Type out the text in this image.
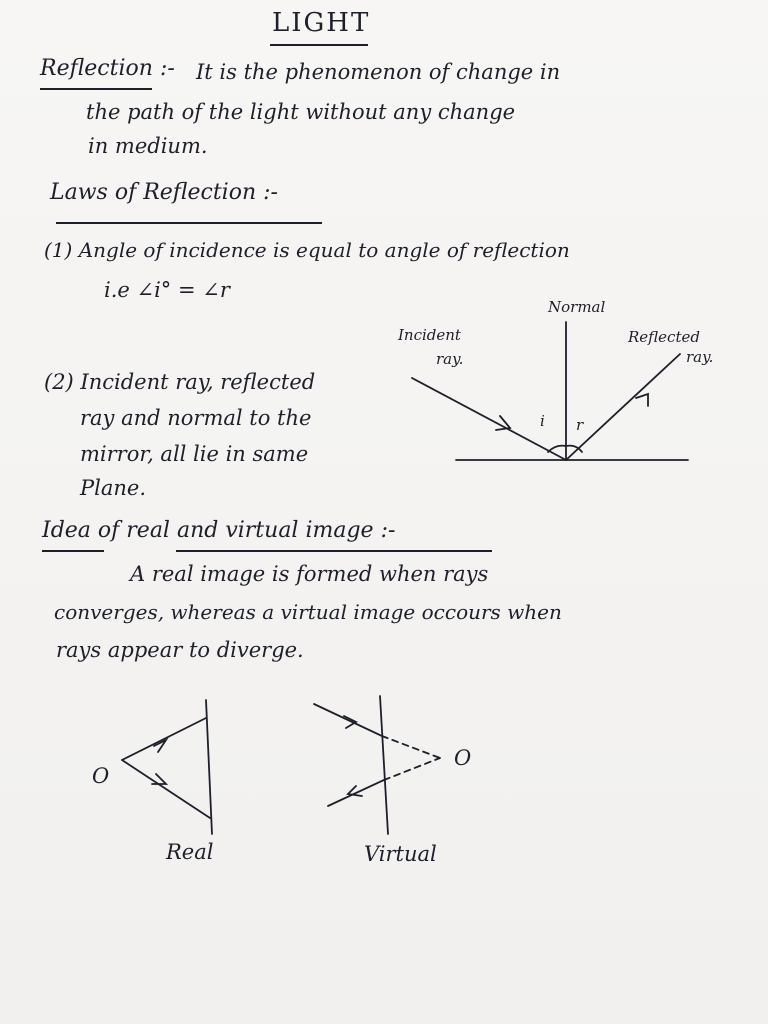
LIGHT
Reflection :- It is the phenomenon of change in
the path of the light without any change
in medium.
Laws of Reflection :-
(1) Angle of incidence is equal to angle of reflection
i.e ∠i° = ∠r
(2) Incident ray, reflected
ray and normal to the
mirror, all lie in same
Plane.
Normal
Incident
ray.
Reflected
ray.
i r
Idea of real and virtual image :-
A real image is formed when rays
converges, whereas a virtual image occours when
rays appear to diverge.
O
Real
O
Virtual
